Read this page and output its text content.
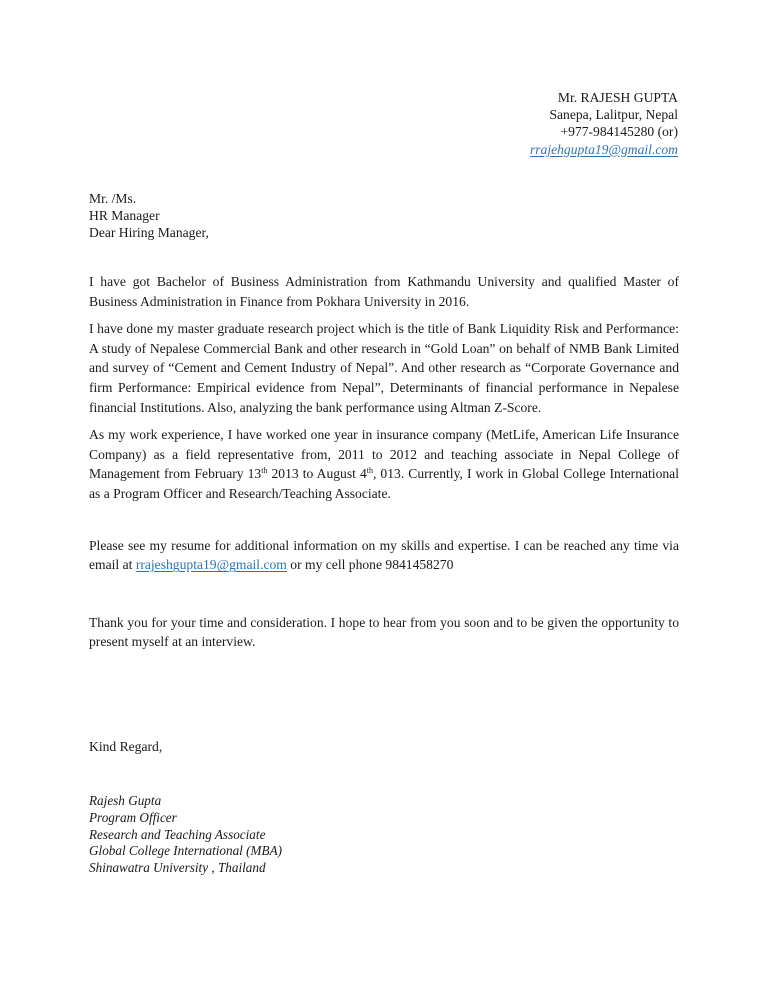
Mr. RAJESH GUPTA
Sanepa, Lalitpur, Nepal
+977-984145280 (or)
rrajehgupta19@gmail.com
Mr. /Ms.
HR Manager
Dear Hiring Manager,

I have got Bachelor of Business Administration from Kathmandu University and qualified Master of Business Administration in Finance from Pokhara University in 2016.

I have done my master graduate research project which is the title of Bank Liquidity Risk and Performance: A study of Nepalese Commercial Bank and other research in “Gold Loan” on behalf of NMB Bank Limited and survey of “Cement and Cement Industry of Nepal”. And other research as “Corporate Governance and firm Performance: Empirical evidence from Nepal”, Determinants of financial performance in Nepalese financial Institutions. Also, analyzing the bank performance using Altman Z-Score.

As my work experience, I have worked one year in insurance company (MetLife, American Life Insurance Company) as a field representative from, 2011 to 2012 and teaching associate in Nepal College of Management from February 13th 2013 to August 4th, 013. Currently, I work in Global College International as a Program Officer and Research/Teaching Associate.

Please see my resume for additional information on my skills and expertise. I can be reached any time via email at rrajeshgupta19@gmail.com or my cell phone 9841458270

Thank you for your time and consideration. I hope to hear from you soon and to be given the opportunity to present myself at an interview.

Kind Regard,
Rajesh Gupta
Program Officer
Research and Teaching Associate
Global College International (MBA)
Shinawatra University , Thailand
